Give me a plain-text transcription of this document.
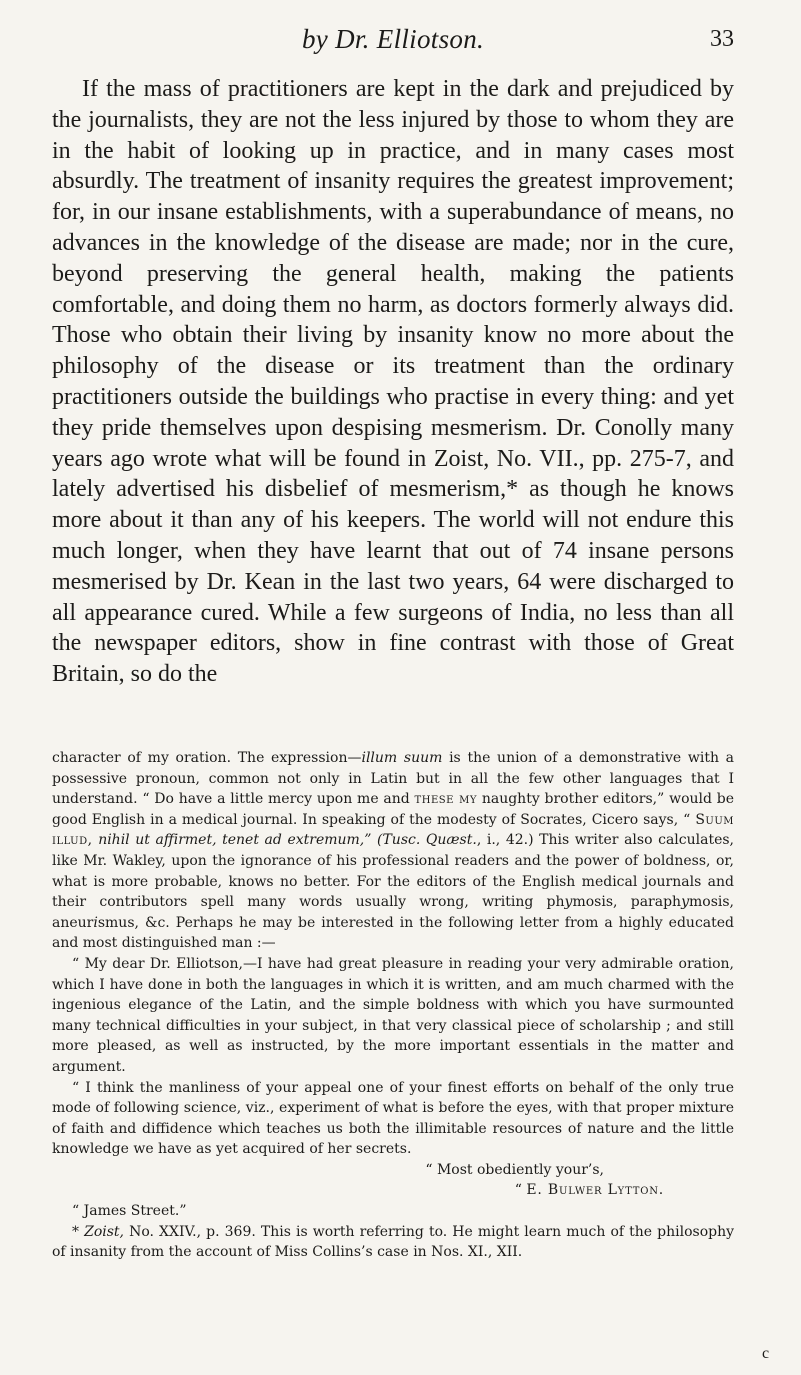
by Dr. Elliotson.	33

If the mass of practitioners are kept in the dark and prejudiced by the journalists, they are not the less injured by those to whom they are in the habit of looking up in practice, and in many cases most absurdly. The treatment of insanity requires the greatest improvement; for, in our insane establishments, with a superabundance of means, no advances in the knowledge of the disease are made; nor in the cure, beyond preserving the general health, making the patients comfortable, and doing them no harm, as doctors formerly always did. Those who obtain their living by insanity know no more about the philosophy of the disease or its treatment than the ordinary practitioners outside the buildings who practise in every thing: and yet they pride themselves upon despising mesmerism. Dr. Conolly many years ago wrote what will be found in Zoist, No. VII., pp. 275-7, and lately advertised his disbelief of mesmerism,* as though he knows more about it than any of his keepers. The world will not endure this much longer, when they have learnt that out of 74 insane persons mesmerised by Dr. Kean in the last two years, 64 were discharged to all appearance cured. While a few surgeons of India, no less than all the newspaper editors, show in fine contrast with those of Great Britain, so do the

character of my oration. The expression—illum suum is the union of a demonstrative with a possessive pronoun, common not only in Latin but in all the few other languages that I understand. “ Do have a little mercy upon me and these my naughty brother editors,” would be good English in a medical journal. In speaking of the modesty of Socrates, Cicero says, “ Suum illud, nihil ut affirmet, tenet ad extremum,” (Tusc. Quæst., i., 42.) This writer also calculates, like Mr. Wakley, upon the ignorance of his professional readers and the power of boldness, or, what is more probable, knows no better. For the editors of the English medical journals and their contributors spell many words usually wrong, writing phymosis, paraphymosis, aneurismus, &c. Perhaps he may be interested in the following letter from a highly educated and most distinguished man :—

“ My dear Dr. Elliotson,—I have had great pleasure in reading your very admirable oration, which I have done in both the languages in which it is written, and am much charmed with the ingenious elegance of the Latin, and the simple boldness with which you have surmounted many technical difficulties in your subject, in that very classical piece of scholarship ; and still more pleased, as well as instructed, by the more important essentials in the matter and argument.

“ I think the manliness of your appeal one of your finest efforts on behalf of the only true mode of following science, viz., experiment of what is before the eyes, with that proper mixture of faith and diffidence which teaches us both the illimitable resources of nature and the little knowledge we have as yet acquired of her secrets.

“ Most obediently your’s,

“ E. Bulwer Lytton.

“ James Street.”

* Zoist, No. XXIV., p. 369. This is worth referring to. He might learn much of the philosophy of insanity from the account of Miss Collins’s case in Nos. XI., XII.

c
